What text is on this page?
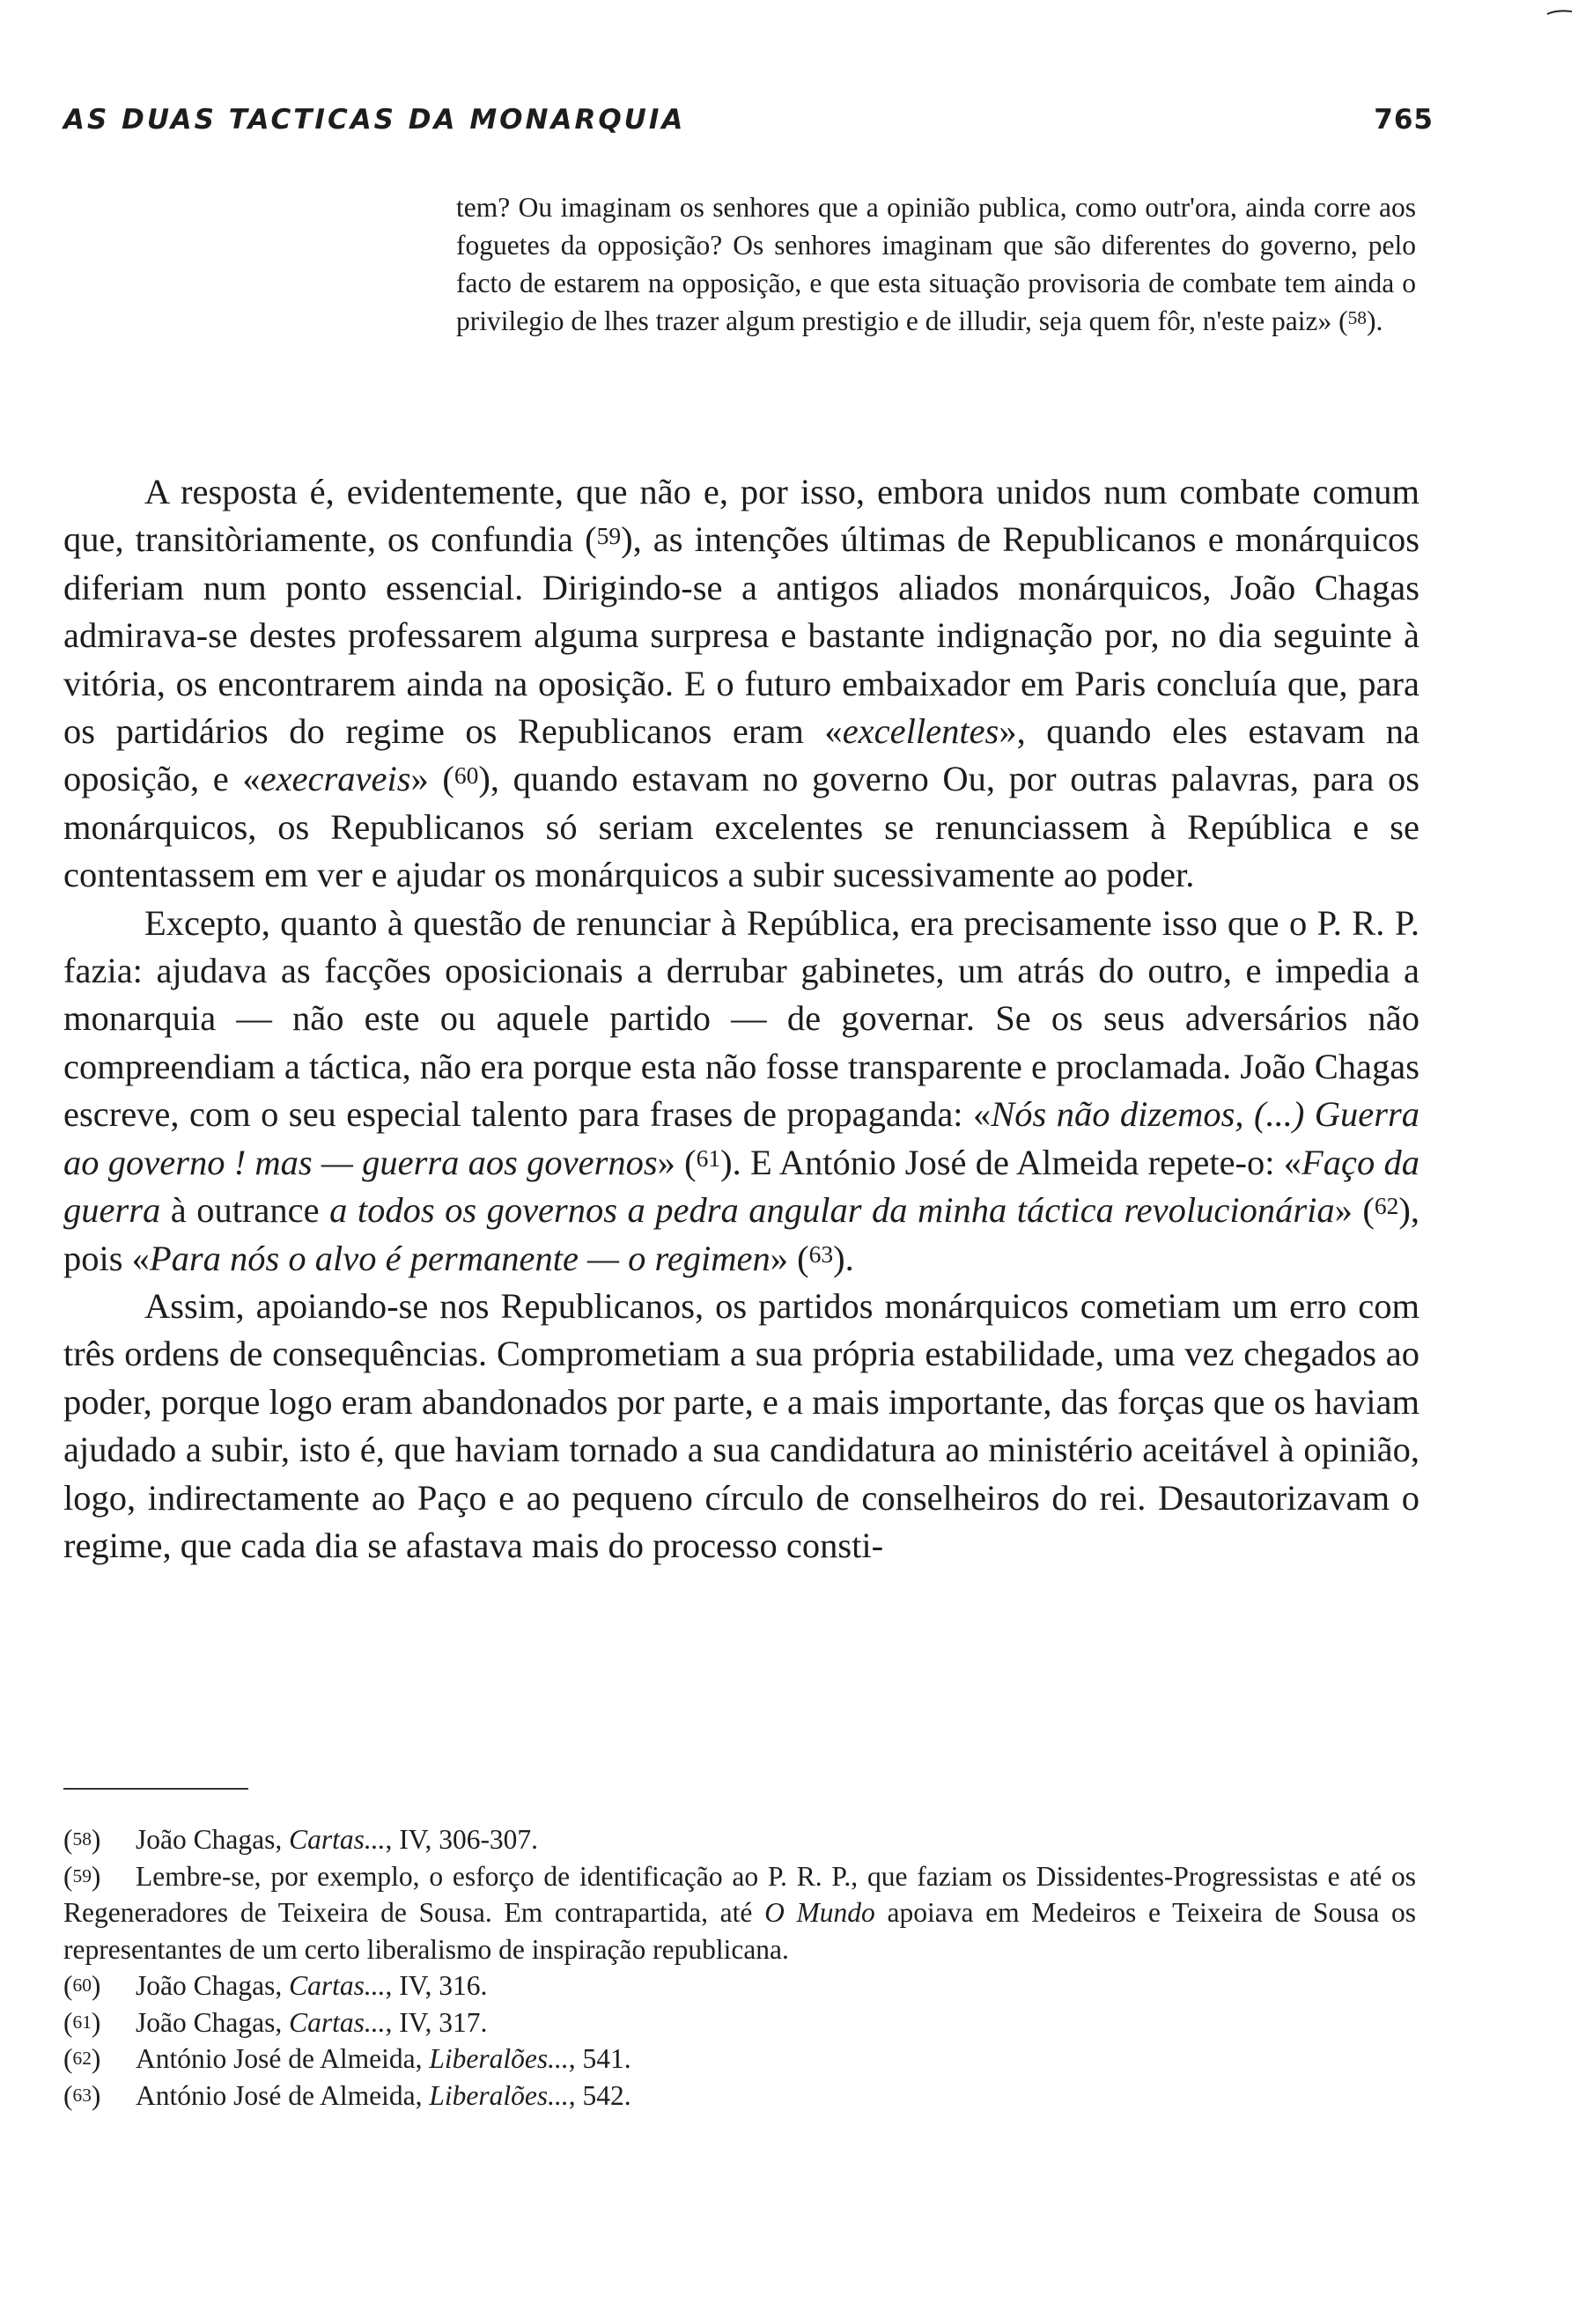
AS DUAS TACTICAS DA MONARQUIA	765
tem? Ou imaginam os senhores que a opinião publica, como outr'ora, ainda corre aos foguetes da opposição? Os senhores imaginam que são diferentes do governo, pelo facto de estarem na opposição, e que esta situação provisoria de combate tem ainda o privilegio de lhes trazer algum prestigio e de illudir, seja quem fôr, n'este paiz» ($^{58}$).

A resposta é, evidentemente, que não e, por isso, embora unidos num combate comum que, transitòriamente, os confundia ($^{59}$), as intenções últimas de Republicanos e monárquicos diferiam num ponto essencial. Dirigindo-se a antigos aliados monárquicos, João Chagas admirava-se destes professarem alguma surpresa e bastante indignação por, no dia seguinte à vitória, os encontrarem ainda na oposição. E o futuro embaixador em Paris concluía que, para os partidários do regime os Republicanos eram «excellentes», quando eles estavam na oposição, e «execraveis» ($^{60}$), quando estavam no governo Ou, por outras palavras, para os monárquicos, os Republicanos só seriam excelentes se renunciassem à República e se contentassem em ver e ajudar os monárquicos a subir sucessivamente ao poder.

Excepto, quanto à questão de renunciar à República, era precisamente isso que o P. R. P. fazia: ajudava as facções oposicionais a derrubar gabinetes, um atrás do outro, e impedia a monarquia — não este ou aquele partido — de governar. Se os seus adversários não compreendiam a táctica, não era porque esta não fosse transparente e proclamada. João Chagas escreve, com o seu especial talento para frases de propaganda: «Nós não dizemos, (...) Guerra ao governo ! mas — guerra aos governos» ($^{61}$). E António José de Almeida repete-o: «Faço da guerra à outrance a todos os governos a pedra angular da minha táctica revolucionária» ($^{62}$), pois «Para nós o alvo é permanente — o regimen» ($^{63}$).

Assim, apoiando-se nos Republicanos, os partidos monárquicos cometiam um erro com três ordens de consequências. Comprometiam a sua própria estabilidade, uma vez chegados ao poder, porque logo eram abandonados por parte, e a mais importante, das forças que os haviam ajudado a subir, isto é, que haviam tornado a sua candidatura ao ministério aceitável à opinião, logo, indirectamente ao Paço e ao pequeno círculo de conselheiros do rei. Desautorizavam o regime, que cada dia se afastava mais do processo consti-

($^{58}$) João Chagas, Cartas..., IV, 306-307.

($^{59}$) Lembre-se, por exemplo, o esforço de identificação ao P. R. P., que faziam os Dissidentes-Progressistas e até os Regeneradores de Teixeira de Sousa. Em contrapartida, até O Mundo apoiava em Medeiros e Teixeira de Sousa os representantes de um certo liberalismo de inspiração republicana.

($^{60}$) João Chagas, Cartas..., IV, 316.

($^{61}$) João Chagas, Cartas..., IV, 317.

($^{62}$) António José de Almeida, Liberalões..., 541.

($^{63}$) António José de Almeida, Liberalões..., 542.
